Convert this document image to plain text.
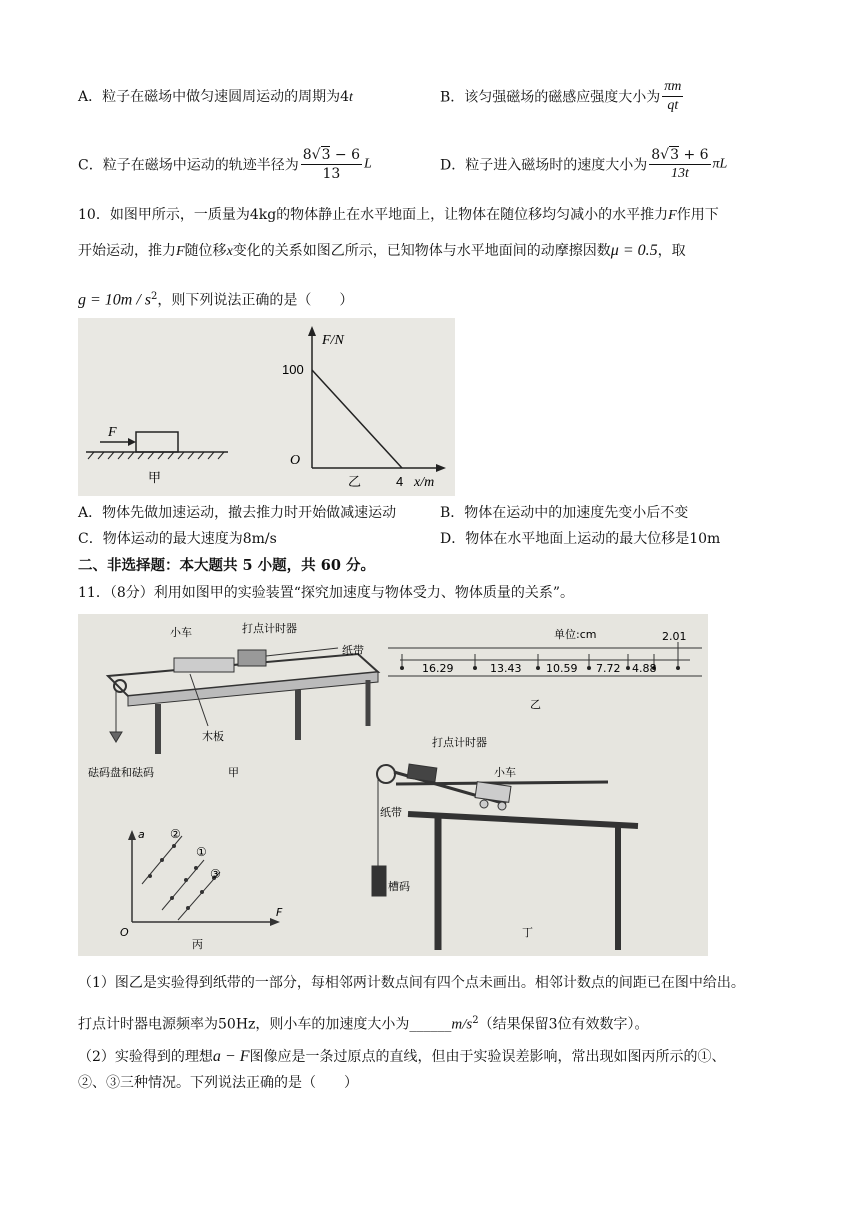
A．粒子在磁场中做匀速圆周运动的周期为4t	B．该匀强磁场的磁感应强度大小为 $\frac{\pi m}{qt}$
C．粒子在磁场中运动的轨迹半径为 $\frac{8√3 - 6}{13}$ L	D．粒子进入磁场时的速度大小为 $\frac{8√3 + 6}{13t}$ πL
10．如图甲所示，一质量为4kg的物体静止在水平地面上，让物体在随位移均匀减小的水平推力F作用下
开始运动，推力F随位移x变化的关系如图乙所示，已知物体与水平地面间的动摩擦因数μ = 0.5，取
$g = 10m / s^2$，则下列说法正确的是（　　）
F
甲
F/N
100
O
4 x/m
乙
A．物体先做加速运动，撤去推力时开始做减速运动	B．物体在运动中的加速度先变小后不变
C．物体运动的最大速度为8m/s	D．物体在水平地面上运动的最大位移是10m
二、非选择题：本大题共 5 小题，共 60 分。
11．（8分）利用如图甲的实验装置“探究加速度与物体受力、物体质量的关系”。
小车	打点计时器
纸带
木板
砝码盘和砝码	甲
单位:cm
16.29	13.43 10.59 7.72 4.88
2.01
乙
a
F
O
②
①
③
丙
打点计时器
小车
纸带
槽码
丁
（1）图乙是实验得到纸带的一部分，每相邻两计数点间有四个点未画出。相邻计数点的间距已在图中给出。
打点计时器电源频率为50Hz，则小车的加速度大小为$\_\_\_\_\_\_m/s^2$（结果保留3位有效数字）。
（2）实验得到的理想a − F图像应是一条过原点的直线，但由于实验误差影响，常出现如图丙所示的①、
②、③三种情况。下列说法正确的是（　　）
